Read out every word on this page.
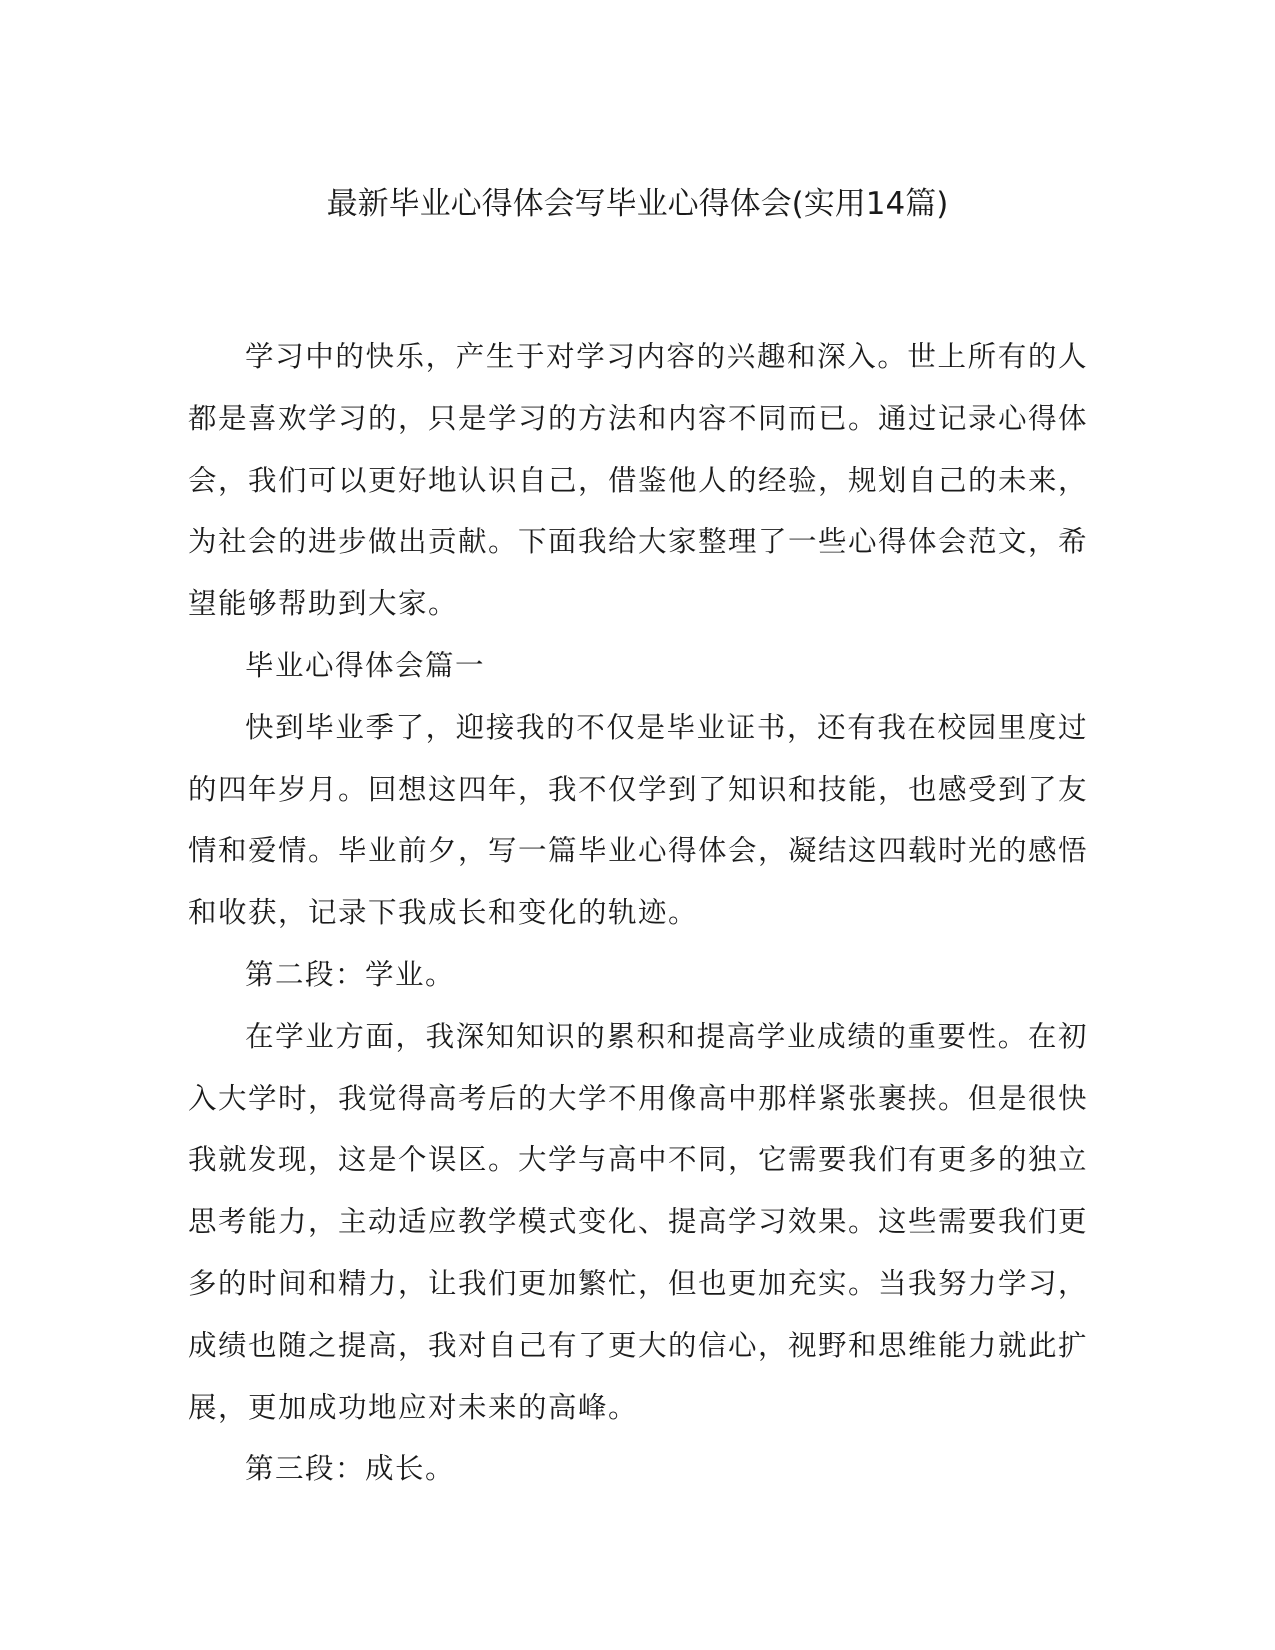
最新毕业心得体会写毕业心得体会(实用14篇)

学习中的快乐，产生于对学习内容的兴趣和深入。世上所有的人都是喜欢学习的，只是学习的方法和内容不同而已。通过记录心得体会，我们可以更好地认识自己，借鉴他人的经验，规划自己的未来，为社会的进步做出贡献。下面我给大家整理了一些心得体会范文，希望能够帮助到大家。

毕业心得体会篇一

快到毕业季了，迎接我的不仅是毕业证书，还有我在校园里度过的四年岁月。回想这四年，我不仅学到了知识和技能，也感受到了友情和爱情。毕业前夕，写一篇毕业心得体会，凝结这四载时光的感悟和收获，记录下我成长和变化的轨迹。

第二段：学业。

在学业方面，我深知知识的累积和提高学业成绩的重要性。在初入大学时，我觉得高考后的大学不用像高中那样紧张裹挟。但是很快我就发现，这是个误区。大学与高中不同，它需要我们有更多的独立思考能力，主动适应教学模式变化、提高学习效果。这些需要我们更多的时间和精力，让我们更加繁忙，但也更加充实。当我努力学习，成绩也随之提高，我对自己有了更大的信心，视野和思维能力就此扩展，更加成功地应对未来的高峰。

第三段：成长。
